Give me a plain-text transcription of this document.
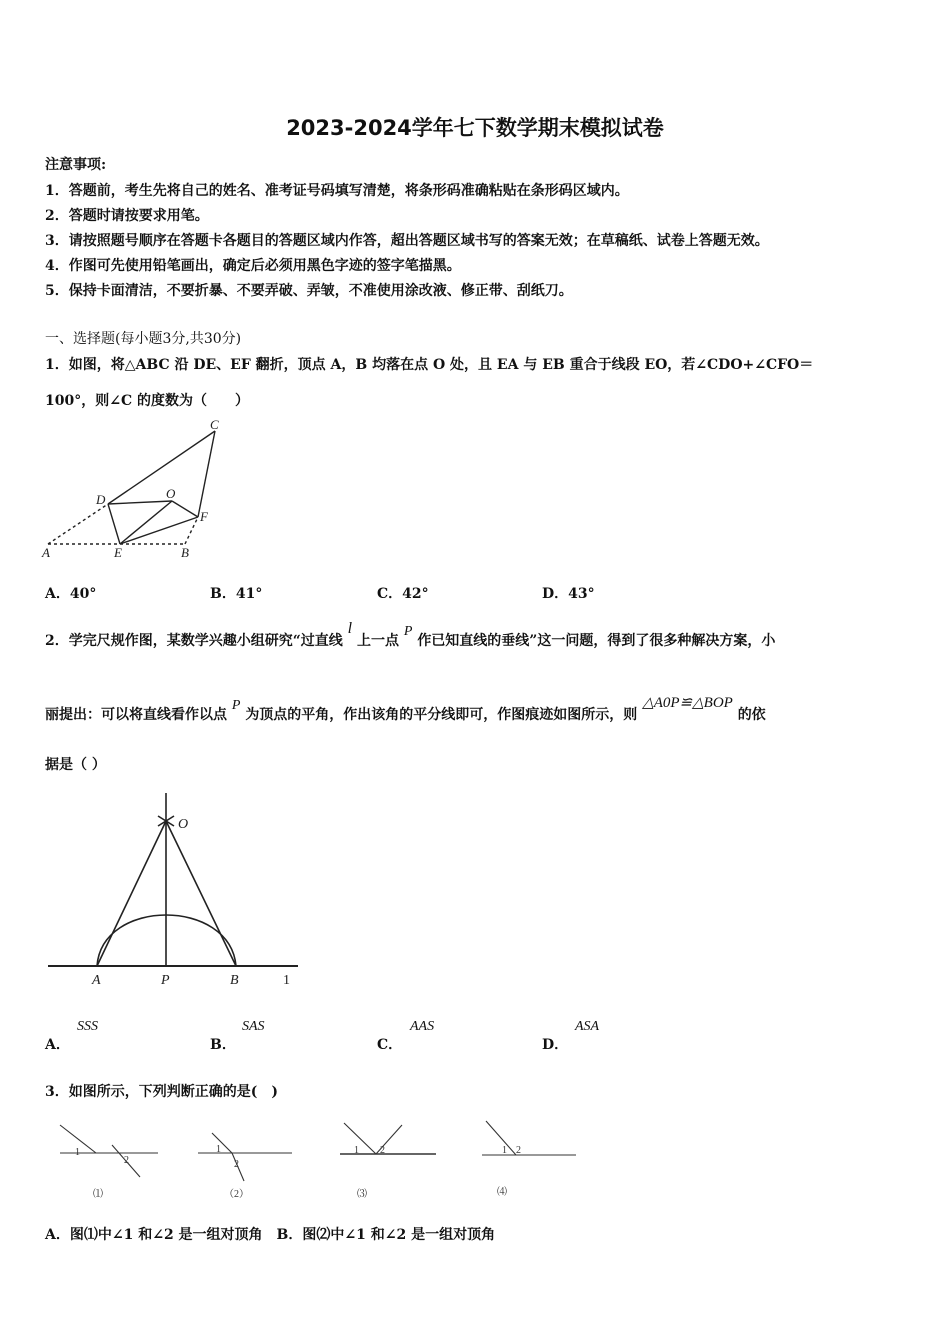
2023-2024学年七下数学期末模拟试卷
注意事项:
1．答题前，考生先将自己的姓名、准考证号码填写清楚，将条形码准确粘贴在条形码区域内。
2．答题时请按要求用笔。
3．请按照题号顺序在答题卡各题目的答题区域内作答，超出答题区域书写的答案无效；在草稿纸、试卷上答题无效。
4．作图可先使用铅笔画出，确定后必须用黑色字迹的签字笔描黑。
5．保持卡面清洁，不要折暴、不要弄破、弄皱，不准使用涂改液、修正带、刮纸刀。
一、选择题(每小题3分,共30分)
1．如图，将△ABC 沿 DE、EF 翻折，顶点 A，B 均落在点 O 处，且 EA 与 EB 重合于线段 EO，若∠CDO+∠CFO＝
100°，则∠C 的度数为（　　）
C
D	O
F
A	E	B
A．40°	B．41°	C．42°	D．43°
2．学完尺规作图，某数学兴趣小组研究“过直线 l 上一点 P 作已知直线的垂线”这一问题，得到了很多种解决方案，小
丽提出：可以将直线看作以点 P 为顶点的平角，作出该角的平分线即可，作图痕迹如图所示，则 △A0P≌△BOP 的依
据是（ ）
O
A	P	B	1
A．
SSS
B．
SAS
C．
AAS
D．
ASA
3．如图所示，下列判断正确的是(　)
1
2
1
2
1 2	1 2
⑴	（2）	⑶	⑷
A．图⑴中∠1 和∠2 是一组对顶角　B．图⑵中∠1 和∠2 是一组对顶角
